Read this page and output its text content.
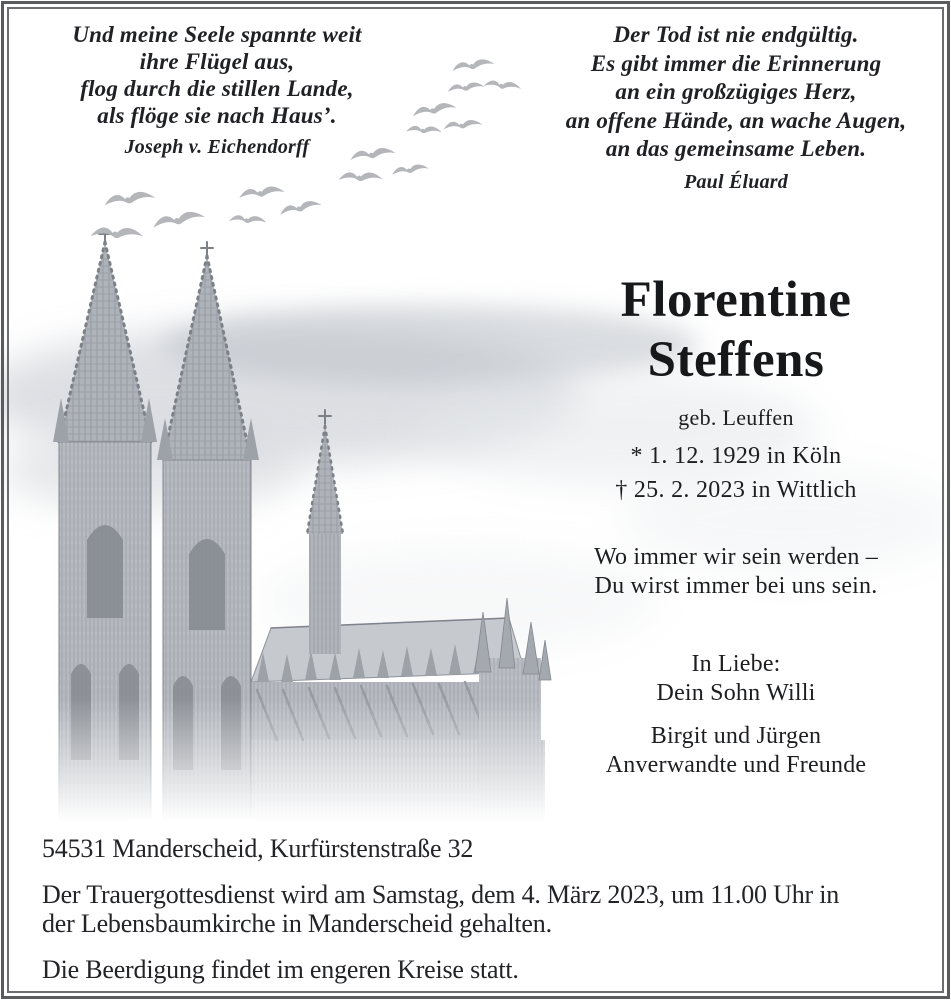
Und meine Seele spannte weit
ihre Flügel aus,
flog durch die stillen Lande,
als flöge sie nach Haus’.
Joseph v. Eichendorff
Der Tod ist nie endgültig.
Es gibt immer die Erinnerung
an ein großzügiges Herz,
an offene Hände, an wache Augen,
an das gemeinsame Leben.
Paul Éluard
Florentine
Steffens
geb. Leuffen
* 1. 12. 1929 in Köln
† 25. 2. 2023 in Wittlich
Wo immer wir sein werden –
Du wirst immer bei uns sein.
In Liebe:
Dein Sohn Willi
Birgit und Jürgen
Anverwandte und Freunde
54531 Manderscheid, Kurfürstenstraße 32
Der Trauergottesdienst wird am Samstag, dem 4. März 2023, um 11.00 Uhr in
der Lebensbaumkirche in Manderscheid gehalten.
Die Beerdigung findet im engeren Kreise statt.
